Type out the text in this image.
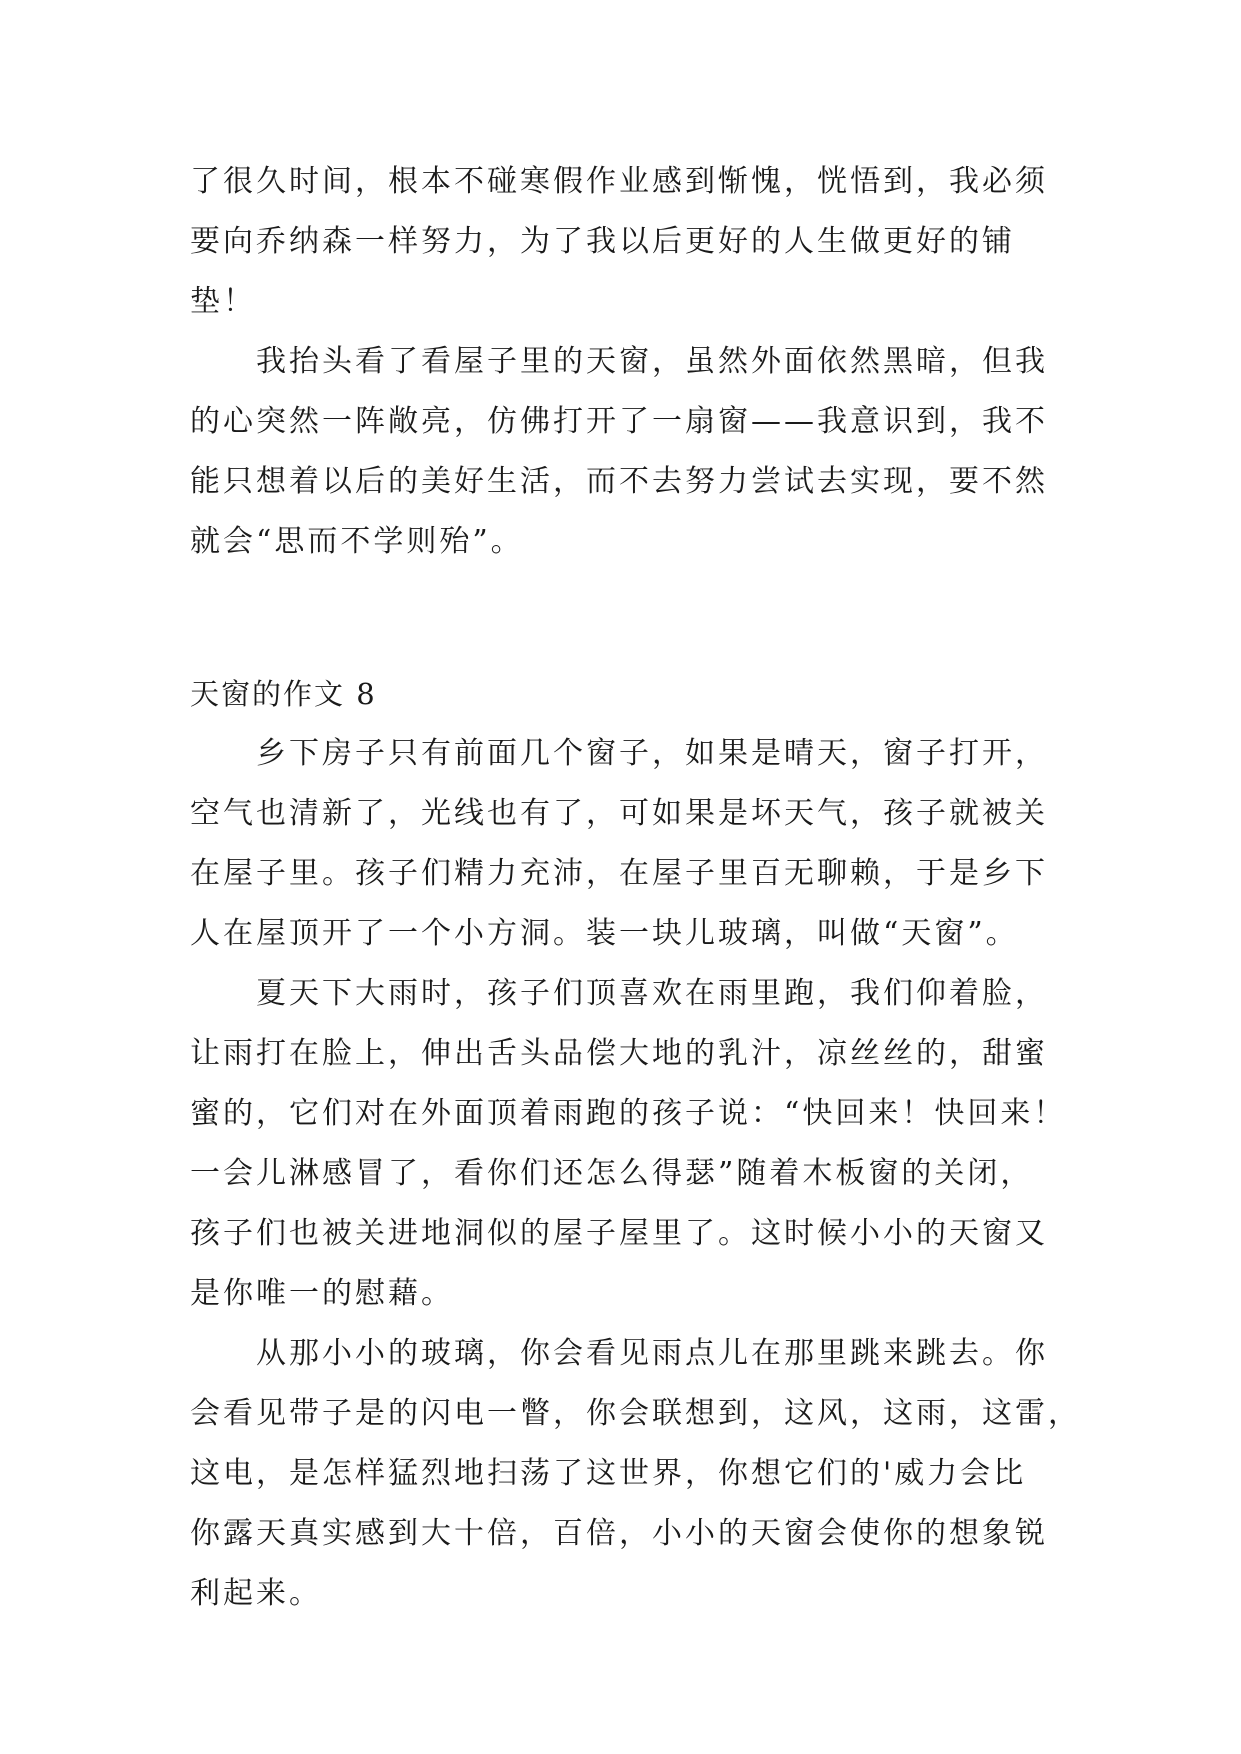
了很久时间，根本不碰寒假作业感到惭愧，恍悟到，我必须
要向乔纳森一样努力，为了我以后更好的人生做更好的铺
垫！
我抬头看了看屋子里的天窗，虽然外面依然黑暗，但我
的心突然一阵敞亮，仿佛打开了一扇窗——我意识到，我不
能只想着以后的美好生活，而不去努力尝试去实现，要不然
就会“思而不学则殆”。
天窗的作文 8
乡下房子只有前面几个窗子，如果是晴天，窗子打开，
空气也清新了，光线也有了，可如果是坏天气，孩子就被关
在屋子里。孩子们精力充沛，在屋子里百无聊赖，于是乡下
人在屋顶开了一个小方洞。装一块儿玻璃，叫做“天窗”。
夏天下大雨时，孩子们顶喜欢在雨里跑，我们仰着脸，
让雨打在脸上，伸出舌头品偿大地的乳汁，凉丝丝的，甜蜜
蜜的，它们对在外面顶着雨跑的孩子说：“快回来！快回来！
一会儿淋感冒了，看你们还怎么得瑟”随着木板窗的关闭，
孩子们也被关进地洞似的屋子屋里了。这时候小小的天窗又
是你唯一的慰藉。
从那小小的玻璃，你会看见雨点儿在那里跳来跳去。你
会看见带子是的闪电一瞥，你会联想到，这风，这雨，这雷，
这电，是怎样猛烈地扫荡了这世界，你想它们的'威力会比
你露天真实感到大十倍，百倍，小小的天窗会使你的想象锐
利起来。
